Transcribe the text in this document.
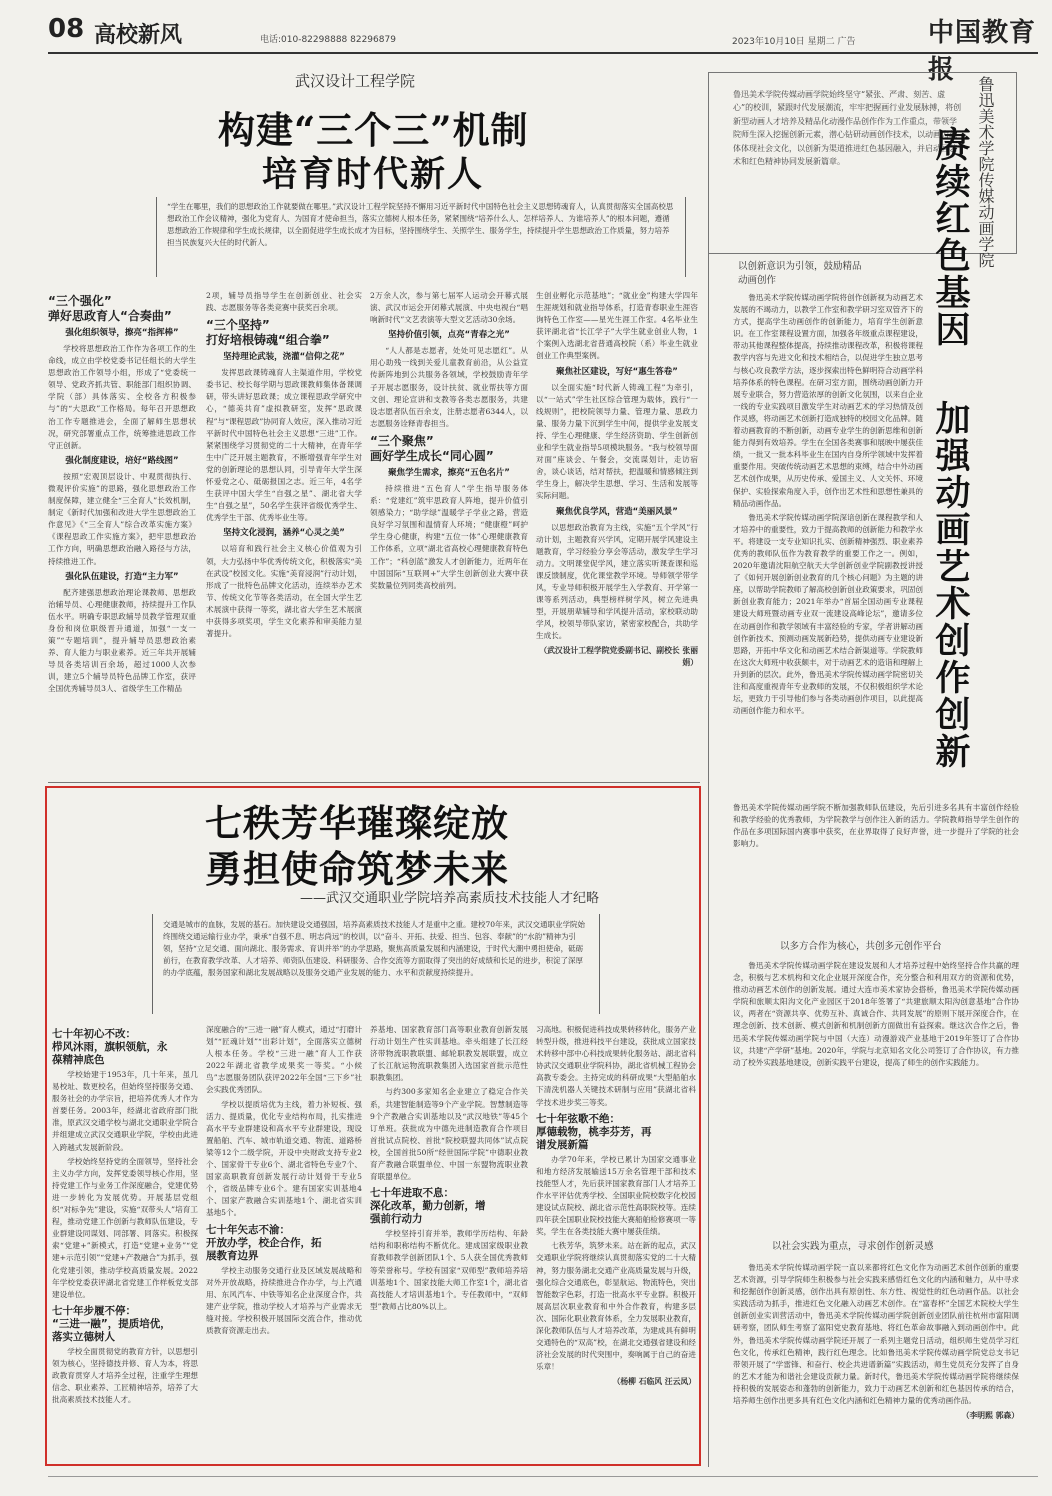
08 高校新风	电话:010-82298888 82296879	2023年10月10日 星期二 广告	中国教育报
武汉设计工程学院
构建“三个三”机制
培育时代新人
“学生在哪里，我们的思想政治工作就要做在哪里。”武汉设计工程学院坚持不懈用习近平新时代中国特色社会主义思想铸魂育人，认真贯彻落实全国高校思想政治工作会议精神，强化为党育人、为国育才使命担当，落实立德树人根本任务，紧紧围绕“培养什么人、怎样培养人、为谁培养人”的根本问题，遵循思想政治工作规律和学生成长规律，以全面促进学生成长成才为目标，坚持围绕学生、关照学生、服务学生，持续提升学生思想政治工作质量，努力培养担当民族复兴大任的时代新人。
“三个强化”
弹好思政育人“合奏曲”
强化组织领导，擦亮“指挥棒”

学校将思想政治工作作为各项工作的生命线，成立由学校党委书记任组长的大学生思想政治工作领导小组，形成了“党委统一领导、党政齐抓共管、职能部门组织协调、学院（部）具体落实、全校各方积极参与”的“大思政”工作格局。每年召开思想政治工作专题推进会，全面了解师生思想状况，研究部署重点工作，统筹推进思政工作守正创新。

强化制度建设，培好“路线图”

按照“宏观顶层设计、中观贯彻执行、微观评价实施”的思路，强化思想政治工作制度保障，建立健全“三全育人”长效机制，制定《新时代加强和改进大学生思想政治工作意见》《“三全育人”综合改革实施方案》《课程思政工作实施方案》，把牢思想政治工作方向，明确思想政治融入路径与方法，持续推进工作。

强化队伍建设，打造“主力军”

配齐建强思想政治理论课教师、思想政治辅导员、心理健康教师，持续提升工作队伍水平。明确专职思政辅导员教学管理双重身份和岗位职级晋升通道，加强“一支一策”“专题培训”，提升辅导员思想政治素养、育人能力与职业素养。近三年共开展辅导员各类培训百余场，超过1000人次参训，建立5个辅导员特色品牌工作室，获评全国优秀辅导员3人、省级学生工作精品

2项，辅导员指导学生在创新创业、社会实践、志愿服务等各类竞赛中获奖百余项。

“三个坚持”
打好培根铸魂“组合拳”
坚持理论武装，浇灌“信仰之花”

发挥思政课铸魂育人主渠道作用，学校党委书记、校长每学期与思政课教师集体备课调研，带头讲好思政课；成立课程思政学研究中心，“德美共育”虚拟教研室，发挥“思政课程”与“课程思政”协同育人效应，深入推动习近平新时代中国特色社会主义思想“三进”工作。紧紧围绕学习贯彻党的二十大精神，在青年学生中广泛开展主题教育，不断增强青年学生对党的创新理论的思想认同，引导青年大学生深怀爱党之心、砥砺报国之志。近三年，4名学生获评中国大学生“自强之星”、湖北省大学生“自强之星”，50名学生获评省级优秀学生、优秀学生干部、优秀毕业生等。

坚持文化浸润，涵养“心灵之美”

以培育和践行社会主义核心价值观为引领，大力弘扬中华优秀传统文化，积极落实“美在武设”校园文化。实施“美育浸润”行动计划，形成了一批特色品牌文化活动，连续举办艺术节、传统文化节等各类活动，在全国大学生艺术展演中获得一等奖，湖北省大学生艺术展演中获得多项奖项，学生文化素养和审美能力显著提升。

2万余人次，参与第七届军人运动会开幕式展演、武汉市运会开闭幕式展演、中央电视台“唱响新时代”文艺表演等大型文艺活动30余场。

坚持价值引领，点亮“青春之光”

“人人都是志愿者，处处可见志愿红”。从用心助残一线到关爱儿童教育前沿，从公益宣传新阵地到公共服务各领域，学校鼓励青年学子开展志愿服务，设计扶贫、就业帮扶等方面文创、理论宣讲和支教等各类志愿服务，共建设志愿者队伍百余支，注册志愿者6344人，以志愿服务诠释青春担当。

“三个聚焦”
画好学生成长“同心圆”
聚焦学生需求，擦亮“五色名片”

持续推进“五色育人”学生指导服务体系：“党建红”筑牢思政育人阵地，提升价值引领感染力；“助学绿”温暖学子学业之路，营造良好学习氛围和温情育人环境；“健康橙”呵护学生身心健康，构建“五位一体”心理健康教育工作体系，立项“湖北省高校心理健康教育特色工作”；“科创蓝”激发人才创新能力，近两年在中国国际“互联网+”大学生创新创业大赛中获奖数量位列同类高校前列。

生创业孵化示范基地”；“就业金”构建大学四年生涯规划和就业指导体系，打造青春职业生涯咨询特色工作室——星光生涯工作室。4名毕业生获评湖北省“长江学子”大学生就业创业人物，1个案例入选湖北省普通高校院（系）毕业生就业创业工作典型案例。

聚焦社区建设，写好“惠生答卷”

以全面实施“时代新人铸魂工程”为牵引，以“一站式”学生社区综合管理为载体，践行“一线规则”，把校院领导力量、管理力量、思政力量、服务力量下沉到学生中间，提供学业发展支持、学生心理健康、学生经济资助、学生创新创业和学生就业指导5项模块服务。“我与校领导面对面”座谈会、午餐会，交流谋划计，走访宿舍，谈心谈话，结对帮扶，把温暖和情感倾注到学生身上，解决学生思想、学习、生活和发展等实际问题。

聚焦优良学风，营造“美丽风景”

以思想政治教育为主线，实施“五个学风”行动计划，主题教育兴学风，定期开展学风建设主题教育，学习经验分享会等活动，激发学生学习动力。文明课堂促学风，建立落实听课查课和巡课反馈制度，优化课堂教学环境。导师领学带学风，专业导师积极开展学生入学教育、开学第一课等系列活动，典型榜样树学风，树立先进典型，开展朋辈辅导和学风提升活动，家校联动助学风，校领导带队家访，紧密家校配合，共助学生成长。

（武汉设计工程学院党委副书记、副校长 张丽娟）
鲁迅美术学院传媒动画学院始终坚守“紧张、严肃、刻苦、虚心”的校训，紧跟时代发展潮流，牢牢把握画行业发展脉搏，将创新型动画人才培养及精品化动漫作品创作作为工作重点，带领学院师生深入挖掘创新元素，潜心钻研动画创作技术，以动画为载体体现社会文化，以创新为渠道推进红色基因融入，并启动画艺术和红色精神协同发展新篇章。	鲁迅美术学院传媒动画学院
赓续红色基因
加强动画艺术创作创新
以创新意识为引领，鼓励精品
动画创作

鲁迅美术学院传媒动画学院将创作创新视为动画艺术发展的不竭动力，以教学工作室和教学研习室双管齐下的方式，提高学生动画创作的创新能力，培育学生创新意识。在工作室课程设置方面，加强各年级重点课程建设，带动其他课程整体提高，持续推动课程改革，积极将课程教学内容与先进文化和技术相结合，以促进学生独立思考与核心攻良教学方法，逐步探索出特色鲜明符合动画学科培养体系的特色课程。在研习室方面，围绕动画创新力开展专业联合，努力营造浓厚的创新文化氛围，以来自企业一线的专业实践项目激发学生对动画艺术的学习热情及创作灵感，将动画艺术创新打造成独特的校园文化品牌。随着动画教育的不断创新，动画专业学生的创新思维和创新能力得到有效培养。学生在全国各类赛事和展映中屡获佳绩，一批又一批本科毕业生在国内自身所学领域中发挥着重要作用。突破传统动画艺术思想的束缚，结合中外动画艺术创作成果，从历史传承、爱国主义、人文关怀、环境保护、实验探索角度入手，创作出艺术性和思想性兼具的精品动画作品。

鲁迅美术学院传媒动画学院深谙创新在课程教学和人才培养中的重要性，致力于提高教师的创新能力和教学水平。将建设一支专业知识扎实、创新精神强烈、职业素养优秀的教师队伍作为教育教学的重要工作之一。例如，2020年邀请沈阳航空航天大学创新创业学院副教授讲授了《如何开展创新创业教育的几个核心问题》为主题的讲座，以帮助学院教师了解高校创新创业政策要求，巩固创新创业教育能力；2021年举办“首届全国动画专业课程建设大师班暨动画专业双一流建设高峰论坛”，邀请多位在动画创作和教学领域有丰富经验的专家，学者讲解动画创作新技术、预测动画发展新趋势，提供动画专业建设新思路，开拓中华文化和动画艺术结合新渠道等。学院教师在这次大师班中收获颇丰，对于动画艺术的造诣和理解上升到新的层次。此外，鲁迅美术学院传媒动画学院密切关注和高度重视青年专业教师的发展，不仅积极组织学术论坛，更致力于引导他们参与各类动画创作项目，以此提高动画创作能力和水平。

鲁迅美术学院传媒动画学院不断加强教师队伍建设，先后引进多名具有丰富创作经验和教学经验的优秀教师，为学院教学与创作注入新的活力。学院教师指导学生创作的作品在多项国际国内赛事中获奖，在业界取得了良好声誉，进一步提升了学院的社会影响力。

以多方合作为核心，共创多元创作平台

鲁迅美术学院传媒动画学院在建设发展和人才培养过程中始终坚持合作共赢的理念，积极与艺术机构和文化企业展开深度合作，充分整合和利用双方的资源和优势，推动动画艺术创作的创新发展。通过大连市美术家协会搭桥，鲁迅美术学院传媒动画学院和旅顺太阳沟文化产业园区于2018年签署了“共建旅顺太阳沟创意基地”合作协议，两者在“资源共享、优势互补、真诚合作、共同发展”的原则下展开深度合作，在理念创新、技术创新、模式创新和机制创新方面做出有益探索。继这次合作之后，鲁迅美术学院传媒动画学院与中国（大连）动漫游戏产业基地于2019年签订了合作协议，共建“产学研”基地。2020年，学院与北京知名文化公司签订了合作协议，有力推动了校外实践基地建设，创新实践平台建设，提高了师生的创作实践能力。

以社会实践为重点，寻求创作创新灵感

鲁迅美术学院传媒动画学院一直以来都将红色文化作为动画艺术创作创新的重要艺术资源，引导学院师生积极参与社会实践来感悟红色文化的内涵和魅力，从中寻求和挖掘创作创新灵感，创作出具有原创性、东方性、视觉性的红色动画作品。以社会实践活动为抓手，推进红色文化融入动画艺术创作。在“富春杯”全国艺术院校大学生创新创业实训营活动中，鲁迅美术学院传媒动画学院创新创业团队前往杭州市富阳调研考察，团队师生考察了富阳党史教育基地、将红色革命故事融入到动画创作中。此外，鲁迅美术学院传媒动画学院还开展了一系列主题党日活动，组织师生党员学习红色文化，传承红色精神，践行红色理念。比如鲁迅美术学院传媒动画学院党总支书记带领开展了“学雷锋、和奋行、校企共进谱新篇”实践活动，师生党员充分发挥了自身的艺术才能为和谐社会建设贡献力量。新时代，鲁迅美术学院传媒动画学院将继续保持积极的发展姿态和蓬勃的创新能力，致力于动画艺术创新和红色基因传承的结合，培养师生创作出更多具有红色文化内涵和红色精神力量的优秀动画作品。

（李明熙 郭森）
七秩芳华璀璨绽放
勇担使命筑梦未来
——武汉交通职业学院培养高素质技术技能人才纪略
交通是城市的血脉，发展的基石。加快建设交通强国，培养高素质技术技能人才是重中之重。建校70年来，武汉交通职业学院始终围绕交通运输行业办学，秉承“自强不息、明志尚远”的校训，以“奋斗、开拓、扶爱、担当、包容、奉献”的“水韵”精神为引领，坚持“立足交通、面向湖北、服务需求、育训并举”的办学思路，聚焦高质量发展和内涵建设，于时代大潮中勇担使命，砥砺前行，在教育教学改革、人才培养、师资队伍建设、科研服务、合作交流等方面取得了突出的好成绩和长足的进步，积淀了深厚的办学底蕴，服务国家和湖北发展战略以及服务交通产业发展的能力、水平和贡献度持续提升。
七十年初心不改：
栉风沐雨，旗帜领航，永
葆精神底色

学校始建于1953年，几十年来，虽几易校址、数更校名，但始终坚持服务交通、服务社会的办学宗旨，把培养优秀人才作为首要任务。2003年，经湖北省政府部门批准，原武汉交通学校与湖北交通职业学院合并组建成立武汉交通职业学院，学校由此进入跨越式发展新阶段。

学校始终坚持党的全面领导，坚持社会主义办学方向，发挥党委领导核心作用，坚持党建工作与业务工作深度融合，党建优势进一步转化为发展优势。开展基层党组织“对标争先”建设，实施“双带头人”培育工程，推动党建工作创新与教师队伍建设，专业群建设同谋划、同部署、同落实。积极探索“党建+”新模式，打造“党建+业务”“党建+示范引领”“党建+产教融合”为抓手，强化党建引领，推动学校高质量发展。2022年学校党委获评湖北省党建工作样板党支部建设单位。

七十年步履不停：
“三进一融”，提质培优，
落实立德树人

学校全面贯彻党的教育方针，以思想引领为核心，坚持德技并修、育人为本，将思政教育贯穿人才培养全过程，注重学生理想信念、职业素养、工匠精神培养，培养了大批高素质技术技能人才。

深度融合的“三进一融”育人模式，通过“打磨计划”“匠魂计划”“出彩计划”，全面落实立德树人根本任务。学校“三进一融”育人工作获2022年湖北省教学成果奖一等奖。“小候鸟”志愿服务团队获评2022年全国“三下乡”社会实践优秀团队。

学校以提质培优为主线，着力补短板、强活力、提质量，优化专业结构布局，扎实推进高水平专业群建设和高水平专业群建设，现设置船舶、汽车、城市轨道交通、物流、道路桥梁等12个二级学院，开设中央财政支持专业2个、国家骨干专业6个、湖北省特色专业7个、国家高职教育创新发展行动计划骨干专业5个，省级品牌专业6个。建有国家实训基地4个、国家产教融合实训基地1个、湖北省实训基地5个。

七十年矢志不渝：
开放办学，校企合作，拓
展教育边界

学校主动服务交通行业及区域发展战略和对外开放战略，持续推进合作办学，与上汽通用、东风汽车、中铁等知名企业深度合作，共建产业学院，推动学校人才培养与产业需求无缝对接。学校积极开展国际交流合作，推动优质教育资源走出去。

养基地、国家教育部门高等职业教育创新发展行动计划生产性实训基地。牵头组建了长江经济带物流职教联盟、邮轮职教发展联盟，成立了长江航运物流职教集团入选国家首批示范性职教集团。

与约300多家知名企业建立了稳定合作关系，共建智能制造等9个产业学院。智慧制造等9个产教融合实训基地以及“武汉地铁”等45个订单班。获批成为中德先进制造教育合作项目首批试点院校、首批“院校联盟共同体”试点院校，全国首批50所“经世国际学院”中德职业教育产教融合联盟单位、中国一东盟物流职业教育联盟单位。

七十年进取不息：
深化改革，勤力创新，增
强前行动力

学校坚持引育并举，教师学历结构、年龄结构和职称结构不断优化。建成国家级职业教育教师教学创新团队1个、5人获全国优秀教师等荣誉称号。学校有国家“双师型”教师培养培训基地1个、国家技能大师工作室1个，湖北省高技能人才培训基地1个。专任教师中，“双师型”教师占比80%以上。

习高地。积极促进科技成果转移转化，服务产业转型升级，推进科技平台建设，获批成立国家技术转移中部中心科技成果转化服务站、湖北省科协武汉交通职业学院科协，湖北省机械工程协会高教专委会。主持完成的科研成果“大型船舶水下清洗机器人关键技术研制与应用”获湖北省科学技术进步奖三等奖。

七十年弦歌不绝：
厚德载物，桃李芬芳，再
谱发展新篇

办学70年来，学校已累计为国家交通事业和地方经济发展输送15万余名管理干部和技术技能型人才，先后获评国家教育部门人才培养工作水平评估优秀学校、全国职业院校数字化校园建设试点院校、湖北省示范性高职院校等。连续四年获全国职业院校技能大赛船舶检修赛项一等奖，学生在各类技能大赛中屡获佳绩。

七秩芳华，筑梦未来。站在新的起点，武汉交通职业学院将继续认真贯彻落实党的二十大精神，努力服务湖北交通产业高质量发展与升级，强化综合交通底色，彰显航运、物流特色，突出智能数字色彩，打造一批高水平专业群。积极开展高层次职业教育和中外合作教育，构建多层次、国际化职业教育体系，全力发展职业教育，深化教师队伍与人才培养改革，为建成具有鲜明交通特色的“双高”校，在湖北交通强省建设和经济社会发展的时代突围中，奏响属于自己的奋进乐章！

（杨柳 石临风 汪云凤）
